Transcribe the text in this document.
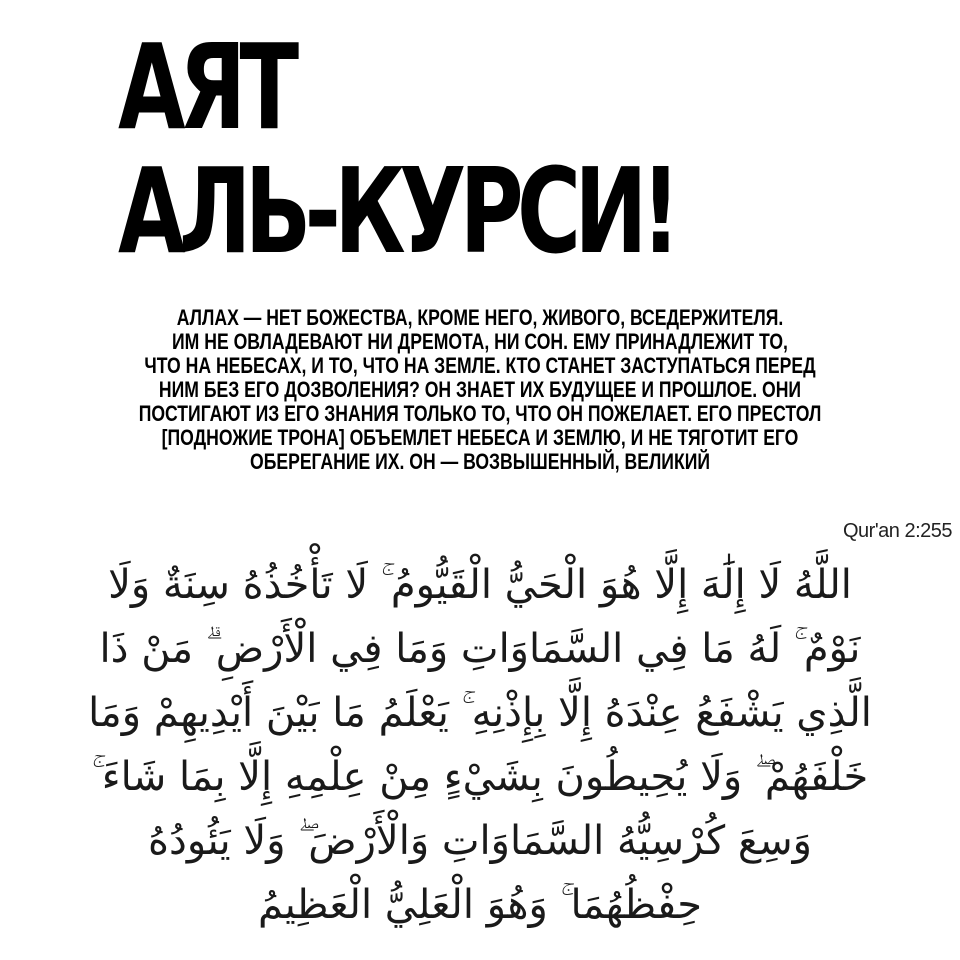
АЯТ
АЛЬ-КУРСИ!
АЛЛАХ — НЕТ БОЖЕСТВА, КРОМЕ НЕГО, ЖИВОГО, ВСЕДЕРЖИТЕЛЯ.
ИМ НЕ ОВЛАДЕВАЮТ НИ ДРЕМОТА, НИ СОН. ЕМУ ПРИНАДЛЕЖИТ ТО,
ЧТО НА НЕБЕСАХ, И ТО, ЧТО НА ЗЕМЛЕ. КТО СТАНЕТ ЗАСТУПАТЬСЯ ПЕРЕД
НИМ БЕЗ ЕГО ДОЗВОЛЕНИЯ? ОН ЗНАЕТ ИХ БУДУЩЕЕ И ПРОШЛОЕ. ОНИ
ПОСТИГАЮТ ИЗ ЕГО ЗНАНИЯ ТОЛЬКО ТО, ЧТО ОН ПОЖЕЛАЕТ. ЕГО ПРЕСТОЛ
[ПОДНОЖИЕ ТРОНА] ОБЪЕМЛЕТ НЕБЕСА И ЗЕМЛЮ, И НЕ ТЯГОТИТ ЕГО
ОБЕРЕГАНИЕ ИХ. ОН — ВОЗВЫШЕННЫЙ, ВЕЛИКИЙ
Qur'an 2:255
اللَّهُ لَا إِلَٰهَ إِلَّا هُوَ الْحَيُّ الْقَيُّومُ ۚ لَا تَأْخُذُهُ سِنَةٌ وَلَا
نَوْمٌ ۚ لَهُ مَا فِي السَّمَاوَاتِ وَمَا فِي الْأَرْضِ ۗ مَنْ ذَا
الَّذِي يَشْفَعُ عِنْدَهُ إِلَّا بِإِذْنِهِ ۚ يَعْلَمُ مَا بَيْنَ أَيْدِيهِمْ وَمَا
خَلْفَهُمْ ۖ وَلَا يُحِيطُونَ بِشَيْءٍ مِنْ عِلْمِهِ إِلَّا بِمَا شَاءَ ۚ
وَسِعَ كُرْسِيُّهُ السَّمَاوَاتِ وَالْأَرْضَ ۖ وَلَا يَئُودُهُ
حِفْظُهُمَا ۚ وَهُوَ الْعَلِيُّ الْعَظِيمُ
